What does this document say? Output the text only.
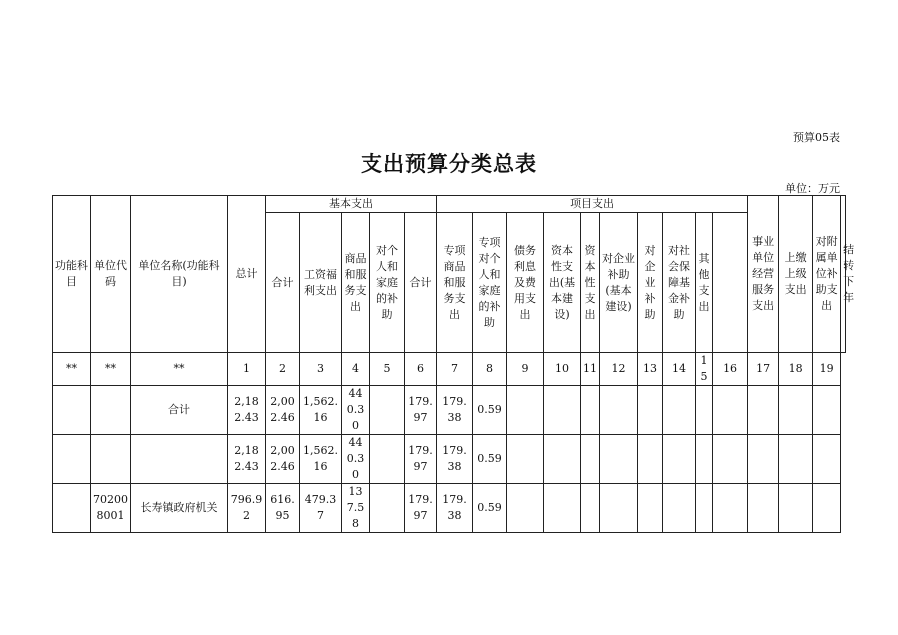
预算05表
支出预算分类总表
单位：万元
功能科目	单位代码	单位名称(功能科目)	总计	基本支出					项目支出										事业单位经营服务支出	上缴上级支出	对附属单位补助支出	结转下年
				合计	工资福利支出	商品和服务支出	对个人和家庭的补助	合计	专项商品和服务支出	专项对个人和家庭的补助	债务利息及费用支出	资本性支出(基本建设)	资本性支出	对企业补助(基本建设)	对企业补助	对社会保障基金补助	其他支出					
**	**	**	1	2	3	4	5	6	7	8	9	10	11	12	13	14	15	16	17	18	19	
		合计	2,182.43	2,002.46	1,562.16	440.30		179.97	179.38	0.59												
			2,182.43	2,002.46	1,562.16	440.30		179.97	179.38	0.59												
	702008001	长寿镇政府机关	796.92	616.95	479.37	137.58		179.97	179.38	0.59												
